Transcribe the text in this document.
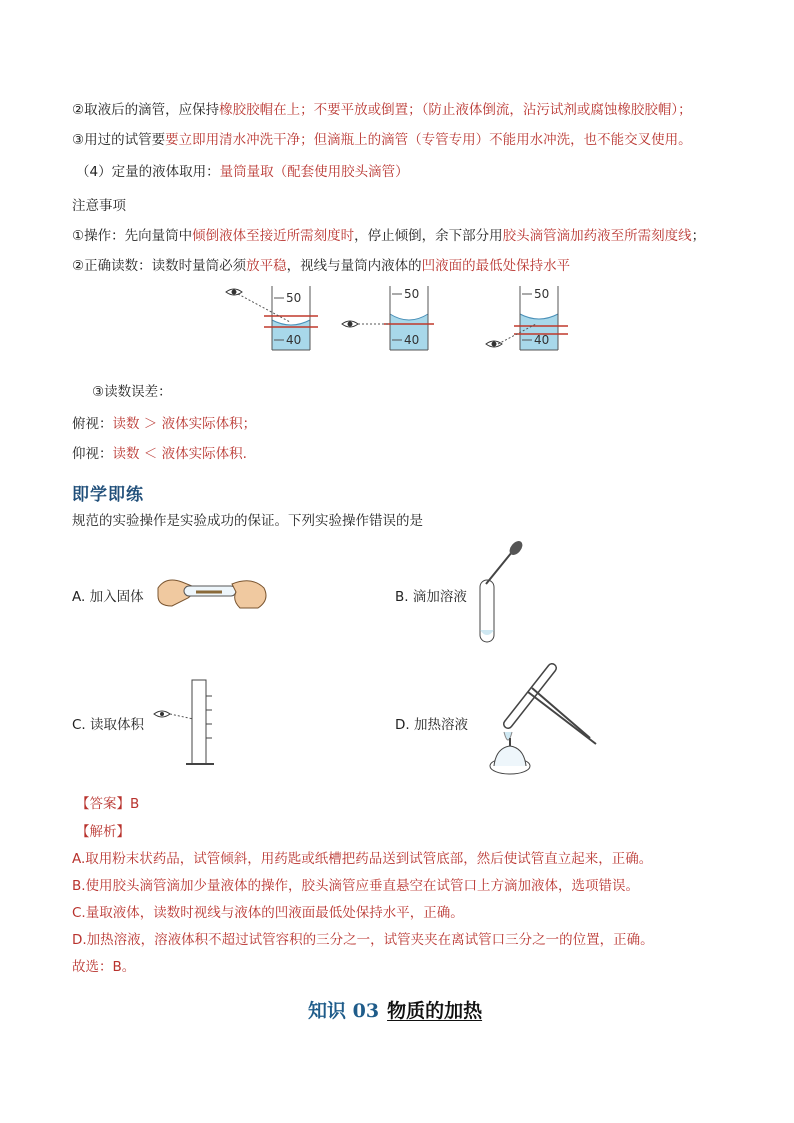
②取液后的滴管，应保持橡胶胶帽在上；不要平放或倒置；（防止液体倒流，沾污试剂或腐蚀橡胶胶帽）；
③用过的试管要要立即用清水冲洗干净；但滴瓶上的滴管（专管专用）不能用水冲洗，也不能交叉使用。
（4）定量的液体取用：量筒量取（配套使用胶头滴管）
注意事项
①操作：先向量筒中倾倒液体至接近所需刻度时，停止倾倒，余下部分用胶头滴管滴加药液至所需刻度线；
②正确读数：读数时量筒必须放平稳，视线与量筒内液体的凹液面的最低处保持水平
50
40
50
40
50
40
③读数误差：
俯视：读数 ＞ 液体实际体积；
仰视：读数 ＜ 液体实际体积.
即学即练
规范的实验操作是实验成功的保证。下列实验操作错误的是
A. 加入固体	B. 滴加溶液
C. 读取体积	D. 加热溶液
【答案】B
【解析】
A.取用粉末状药品，试管倾斜，用药匙或纸槽把药品送到试管底部，然后使试管直立起来，正确。
B.使用胶头滴管滴加少量液体的操作，胶头滴管应垂直悬空在试管口上方滴加液体，选项错误。
C.量取液体，读数时视线与液体的凹液面最低处保持水平，正确。
D.加热溶液，溶液体积不超过试管容积的三分之一，试管夹夹在离试管口三分之一的位置，正确。
故选：B。
知识 03 物质的加热
